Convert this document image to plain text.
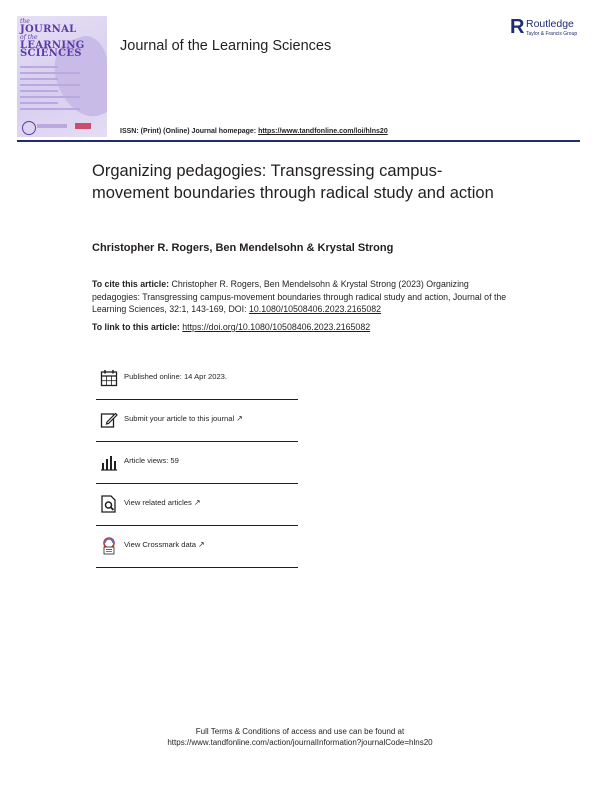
the
JOURNAL
of the
LEARNING
SCIENCES	Journal of the Learning Sciences
R Routledge
Taylor & Francis Group
ISSN: (Print) (Online) Journal homepage: https://www.tandfonline.com/loi/hlns20
Organizing pedagogies: Transgressing campus-movement boundaries through radical study and action
Christopher R. Rogers, Ben Mendelsohn & Krystal Strong
To cite this article: Christopher R. Rogers, Ben Mendelsohn & Krystal Strong (2023) Organizing pedagogies: Transgressing campus-movement boundaries through radical study and action, Journal of the Learning Sciences, 32:1, 143-169, DOI: 10.1080/10508406.2023.2165082
To link to this article: https://doi.org/10.1080/10508406.2023.2165082
Published online: 14 Apr 2023.
Submit your article to this journal ↗
Article views: 59
View related articles ↗
View Crossmark data ↗
Full Terms & Conditions of access and use can be found at
https://www.tandfonline.com/action/journalInformation?journalCode=hlns20
